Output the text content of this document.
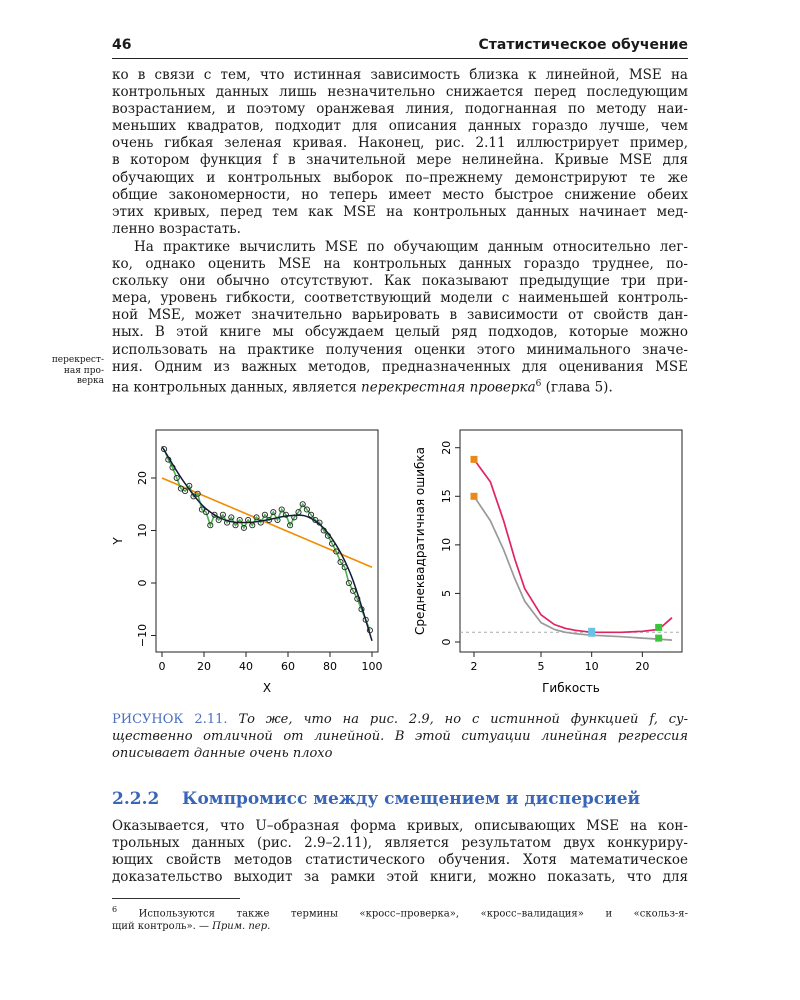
46	Статистическое обучение
ко в связи с тем, что истинная зависимость близка к линейной, MSE на
контрольных данных лишь незначительно снижается перед последующим
возрастанием, и поэтому оранжевая линия, подогнанная по методу наи-
меньших квадратов, подходит для описания данных гораздо лучше, чем
очень гибкая зеленая кривая. Наконец, рис. 2.11 иллюстрирует пример,
в котором функция f в значительной мере нелинейна. Кривые MSE для
обучающих и контрольных выборок по–прежнему демонстрируют те же
общие закономерности, но теперь имеет место быстрое снижение обеих
этих кривых, перед тем как MSE на контрольных данных начинает мед-
ленно возрастать.
На практике вычислить MSE по обучающим данным относительно лег-
ко, однако оценить MSE на контрольных данных гораздо труднее, по-
скольку они обычно отсутствуют. Как показывают предыдущие три при-
мера, уровень гибкости, соответствующий модели с наименьшей контроль-
ной MSE, может значительно варьировать в зависимости от свойств дан-
ных. В этой книге мы обсуждаем целый ряд подходов, которые можно
использовать на практике получения оценки этого минимального значе-
ния. Одним из важных методов, предназначенных для оценивания MSE
на контрольных данных, является перекрестная проверка$^6$ (глава 5).
перекрест-
ная про-
верка
0	20	40	60	80 100
−10
0
10
20
X
Y
2	5	10	20
0
5
10
15
20
Гибкость
Среднеквадратичная ошибка
РИСУНОК 2.11. То же, что на рис. 2.9, но с истинной функцией f, су-
щественно отличной от линейной. В этой ситуации линейная регрессия
описывает данные очень плохо
2.2.2 Компромисс между смещением и дисперсией
Оказывается, что U–образная форма кривых, описывающих MSE на кон-
трольных данных (рис. 2.9–2.11), является результатом двух конкуриру-
ющих свойств методов статистического обучения. Хотя математическое
доказательство выходит за рамки этой книги, можно показать, что для
$^6$ Используются также термины «кросс–проверка», «кросс–валидация» и «скольз-я-
щий контроль». — Прим. пер.
